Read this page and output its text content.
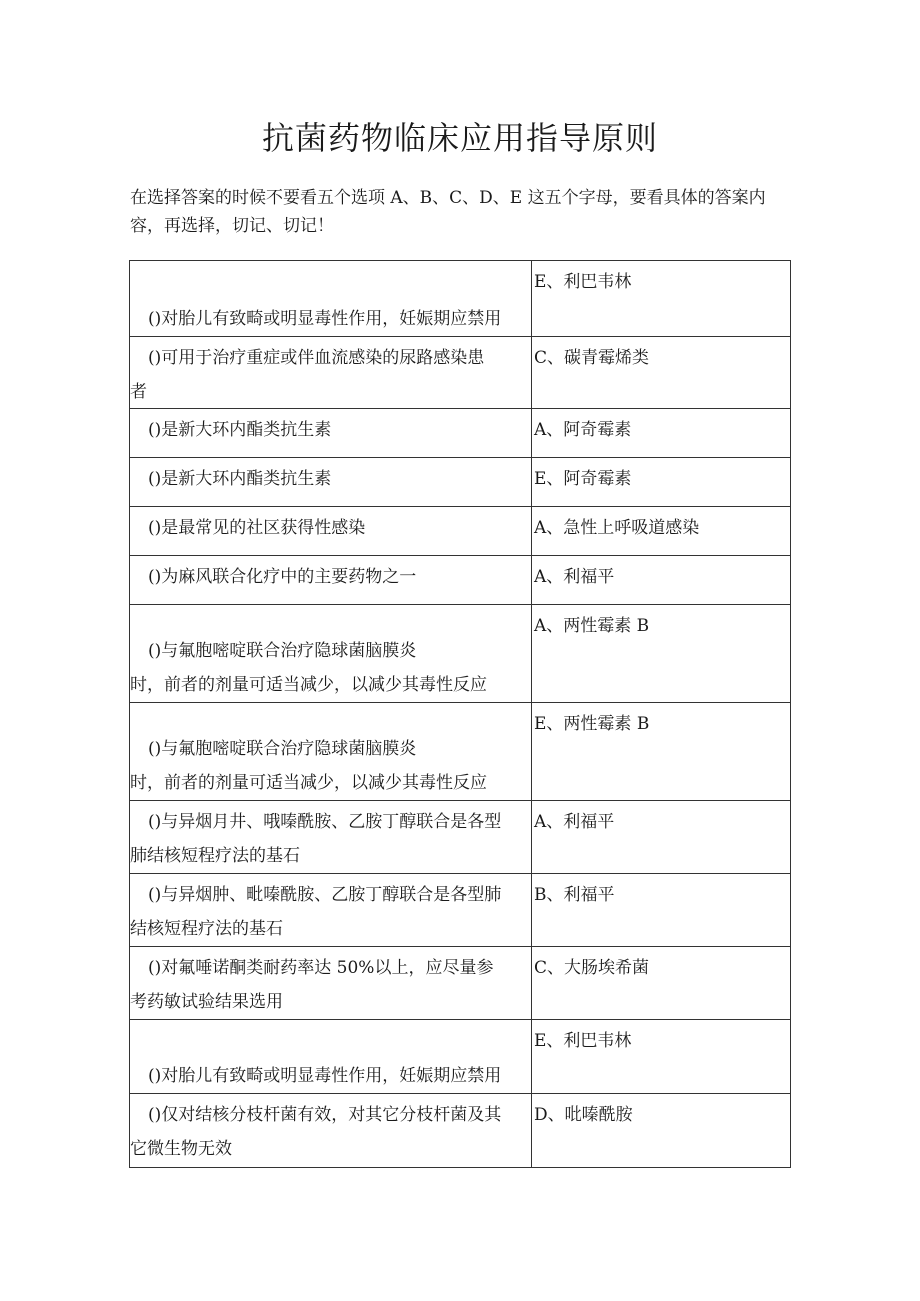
抗菌药物临床应用指导原则
在选择答案的时候不要看五个选项 A、B、C、D、E 这五个字母，要看具体的答案内容，再选择，切记、切记！
()对胎儿有致畸或明显毒性作用，妊娠期应禁用	E、利巴韦林

()可用于治疗重症或伴血流感染的尿路感染患
者	C、碳青霉烯类

()是新大环内酯类抗生素	A、阿奇霉素

()是新大环内酯类抗生素	E、阿奇霉素

()是最常见的社区获得性感染	A、急性上呼吸道感染

()为麻风联合化疗中的主要药物之一	A、利福平

()与氟胞嘧啶联合治疗隐球菌脑膜炎
时，前者的剂量可适当减少，以减少其毒性反应	A、两性霉素 B

()与氟胞嘧啶联合治疗隐球菌脑膜炎
时，前者的剂量可适当减少，以减少其毒性反应	E、两性霉素 B

()与异烟月井、哦嗪酰胺、乙胺丁醇联合是各型
肺结核短程疗法的基石	A、利福平

()与异烟肿、毗嗪酰胺、乙胺丁醇联合是各型肺
结核短程疗法的基石	B、利福平

()对氟唾诺酮类耐药率达 50%以上，应尽量参
考药敏试验结果选用	C、大肠埃希菌

()对胎儿有致畸或明显毒性作用，妊娠期应禁用	E、利巴韦林

()仅对结核分枝杆菌有效，对其它分枝杆菌及其
它微生物无效	D、吡嗪酰胺
